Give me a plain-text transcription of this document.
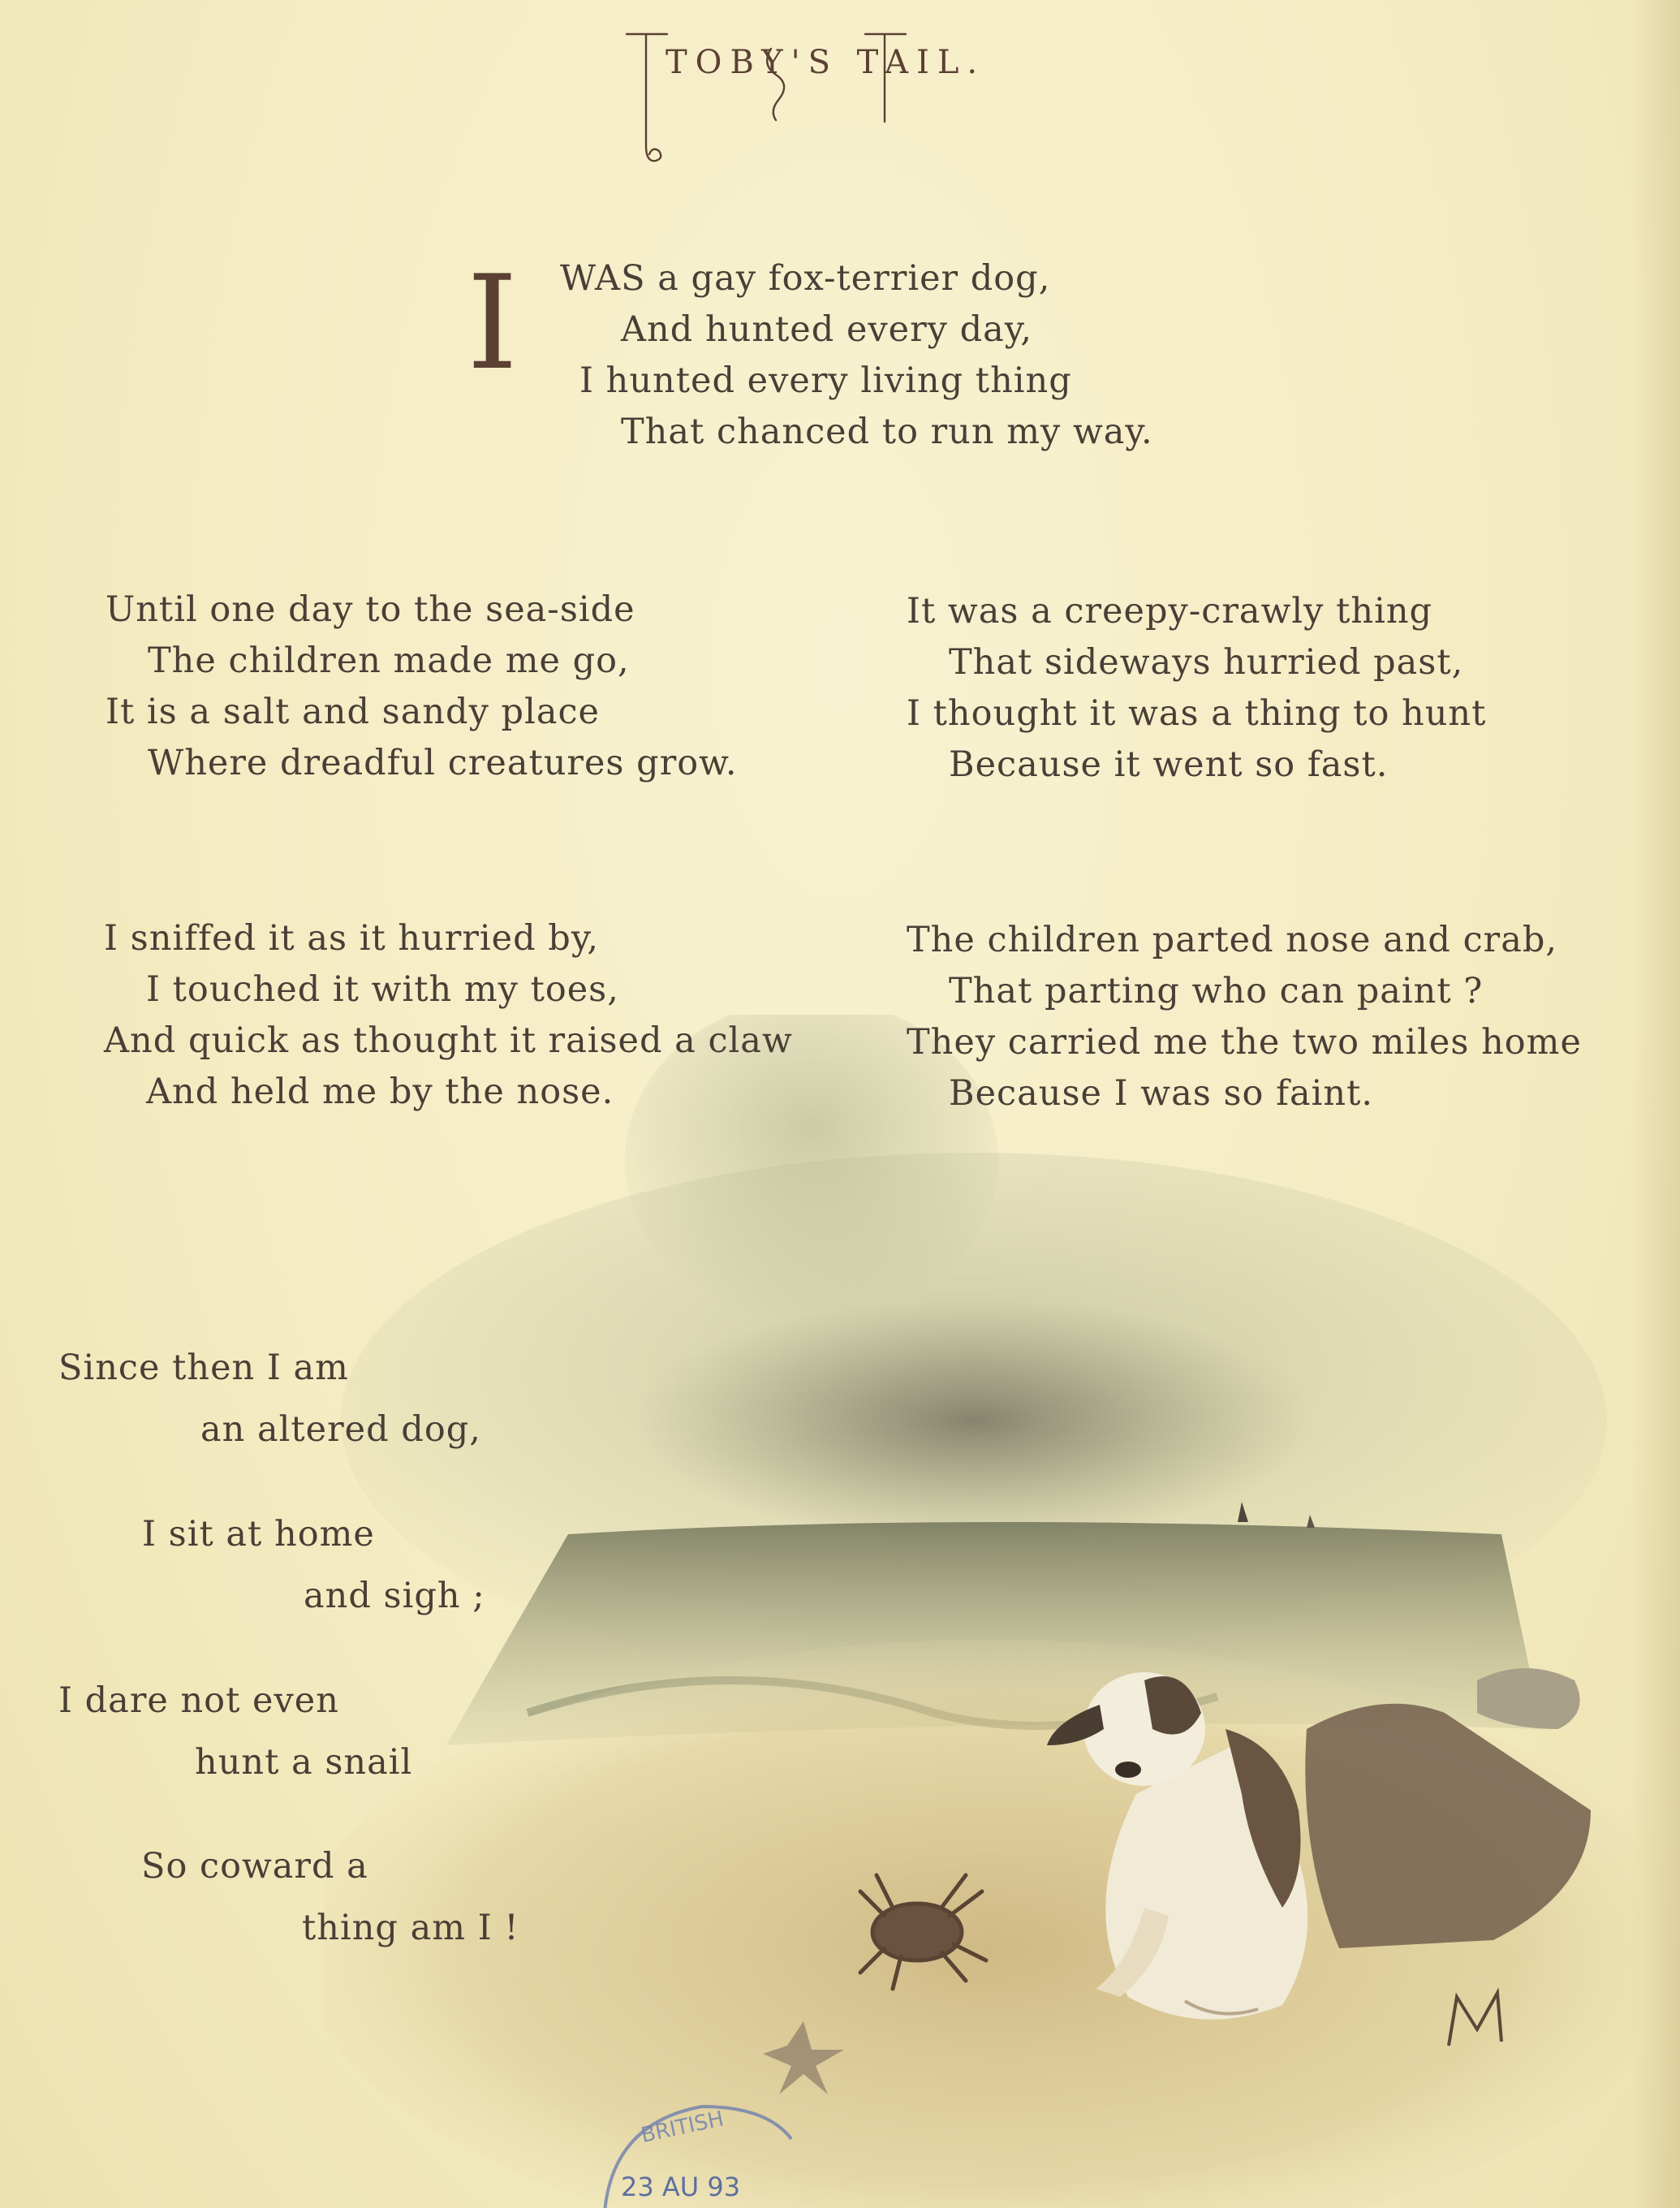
TOBY'S TAIL.
I WAS a gay fox-terrier dog,
And hunted every day,
I hunted every living thing
That chanced to run my way.
Until one day to the sea-side
The children made me go,
It is a salt and sandy place
Where dreadful creatures grow.
It was a creepy-crawly thing
That sideways hurried past,
I thought it was a thing to hunt
Because it went so fast.
I sniffed it as it hurried by,
I touched it with my toes,
And quick as thought it raised a claw
And held me by the nose.
The children parted nose and crab,
That parting who can paint ?
They carried me the two miles home
Because I was so faint.
Since then I am
an altered dog,
I sit at home
and sigh ;
I dare not even
hunt a snail
So coward a
thing am I !
BRITISH
23 AU 93
